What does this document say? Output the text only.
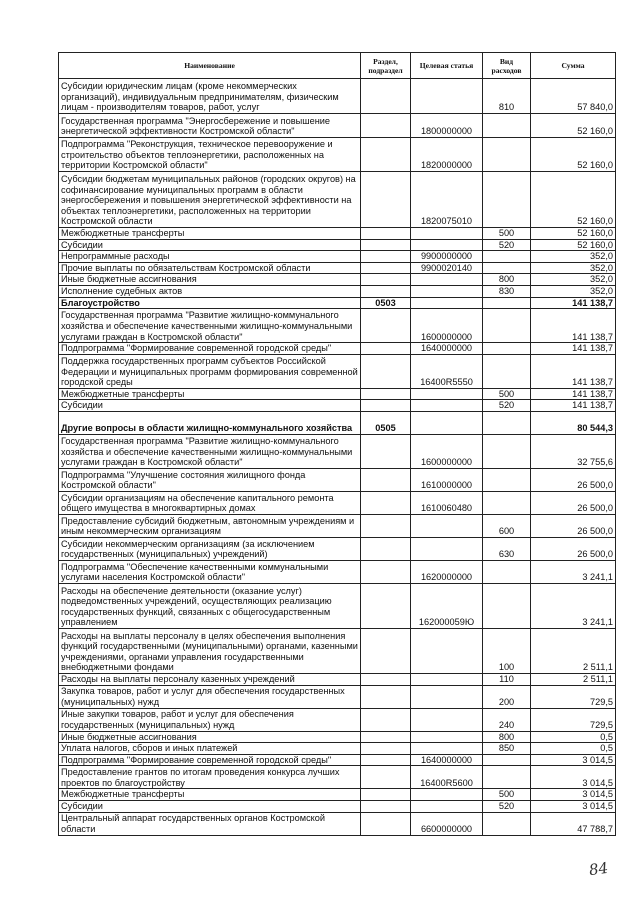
Наименование	Раздел, подраздел	Целевая статья	Вид расходов	Сумма
Субсидии юридическим лицам (кроме некоммерческих организаций), индивидуальным предпринимателям, физическим лицам - производителям товаров, работ, услуг			810	57 840,0
Государственная программа "Энергосбережение и повышение энергетической эффективности Костромской области"		1800000000		52 160,0
Подпрограмма "Реконструкция, техническое перевооружение и строительство объектов теплоэнергетики, расположенных на территории Костромской области"		1820000000		52 160,0
Субсидии бюджетам муниципальных районов (городских округов) на софинансирование муниципальных программ в области энергосбережения и повышения энергетической эффективности на объектах теплоэнергетики, расположенных на территории Костромской области		1820075010		52 160,0
Межбюджетные трансферты			500	52 160,0
Субсидии			520	52 160,0
Непрограммные расходы		9900000000		352,0
Прочие выплаты по обязательствам Костромской области		9900020140		352,0
Иные бюджетные ассигнования			800	352,0
Исполнение судебных актов			830	352,0
Благоустройство	0503			141 138,7
Государственная программа "Развитие жилищно-коммунального хозяйства и обеспечение качественными жилищно-коммунальными услугами граждан в Костромской области"		1600000000		141 138,7
Подпрограмма "Формирование современной городской среды"		1640000000		141 138,7
Поддержка государственных программ субъектов Российской Федерации и муниципальных программ формирования современной городской среды		16400R5550		141 138,7
Межбюджетные трансферты			500	141 138,7
Субсидии			520	141 138,7
Другие вопросы в области жилищно-коммунального хозяйства	0505			80 544,3
Государственная программа "Развитие жилищно-коммунального хозяйства и обеспечение качественными жилищно-коммунальными услугами граждан в Костромской области"		1600000000		32 755,6
Подпрограмма "Улучшение состояния жилищного фонда Костромской области"		1610000000		26 500,0
Субсидии организациям на обеспечение капитального ремонта общего имущества в многоквартирных домах		1610060480		26 500,0
Предоставление субсидий бюджетным, автономным учреждениям и иным некоммерческим организациям			600	26 500,0
Субсидии некоммерческим организациям (за исключением государственных (муниципальных) учреждений)			630	26 500,0
Подпрограмма "Обеспечение качественными коммунальными услугами населения Костромской области"		1620000000		3 241,1
Расходы на обеспечение деятельности (оказание услуг) подведомственных учреждений, осуществляющих реализацию государственных функций, связанных с общегосударственным управлением		162000059Ю		3 241,1
Расходы на выплаты персоналу в целях обеспечения выполнения функций государственными (муниципальными) органами, казенными учреждениями, органами управления государственными внебюджетными фондами			100	2 511,1
Расходы на выплаты персоналу казенных учреждений			110	2 511,1
Закупка товаров, работ и услуг для обеспечения государственных (муниципальных) нужд			200	729,5
Иные закупки товаров, работ и услуг для обеспечения государственных (муниципальных) нужд			240	729,5
Иные бюджетные ассигнования			800	0,5
Уплата налогов, сборов и иных платежей			850	0,5
Подпрограмма "Формирование современной городской среды"		1640000000		3 014,5
Предоставление грантов по итогам проведения конкурса лучших проектов по благоустройству		16400R5600		3 014,5
Межбюджетные трансферты			500	3 014,5
Субсидии			520	3 014,5
Центральный аппарат государственных органов Костромской области		6600000000		47 788,7
84
